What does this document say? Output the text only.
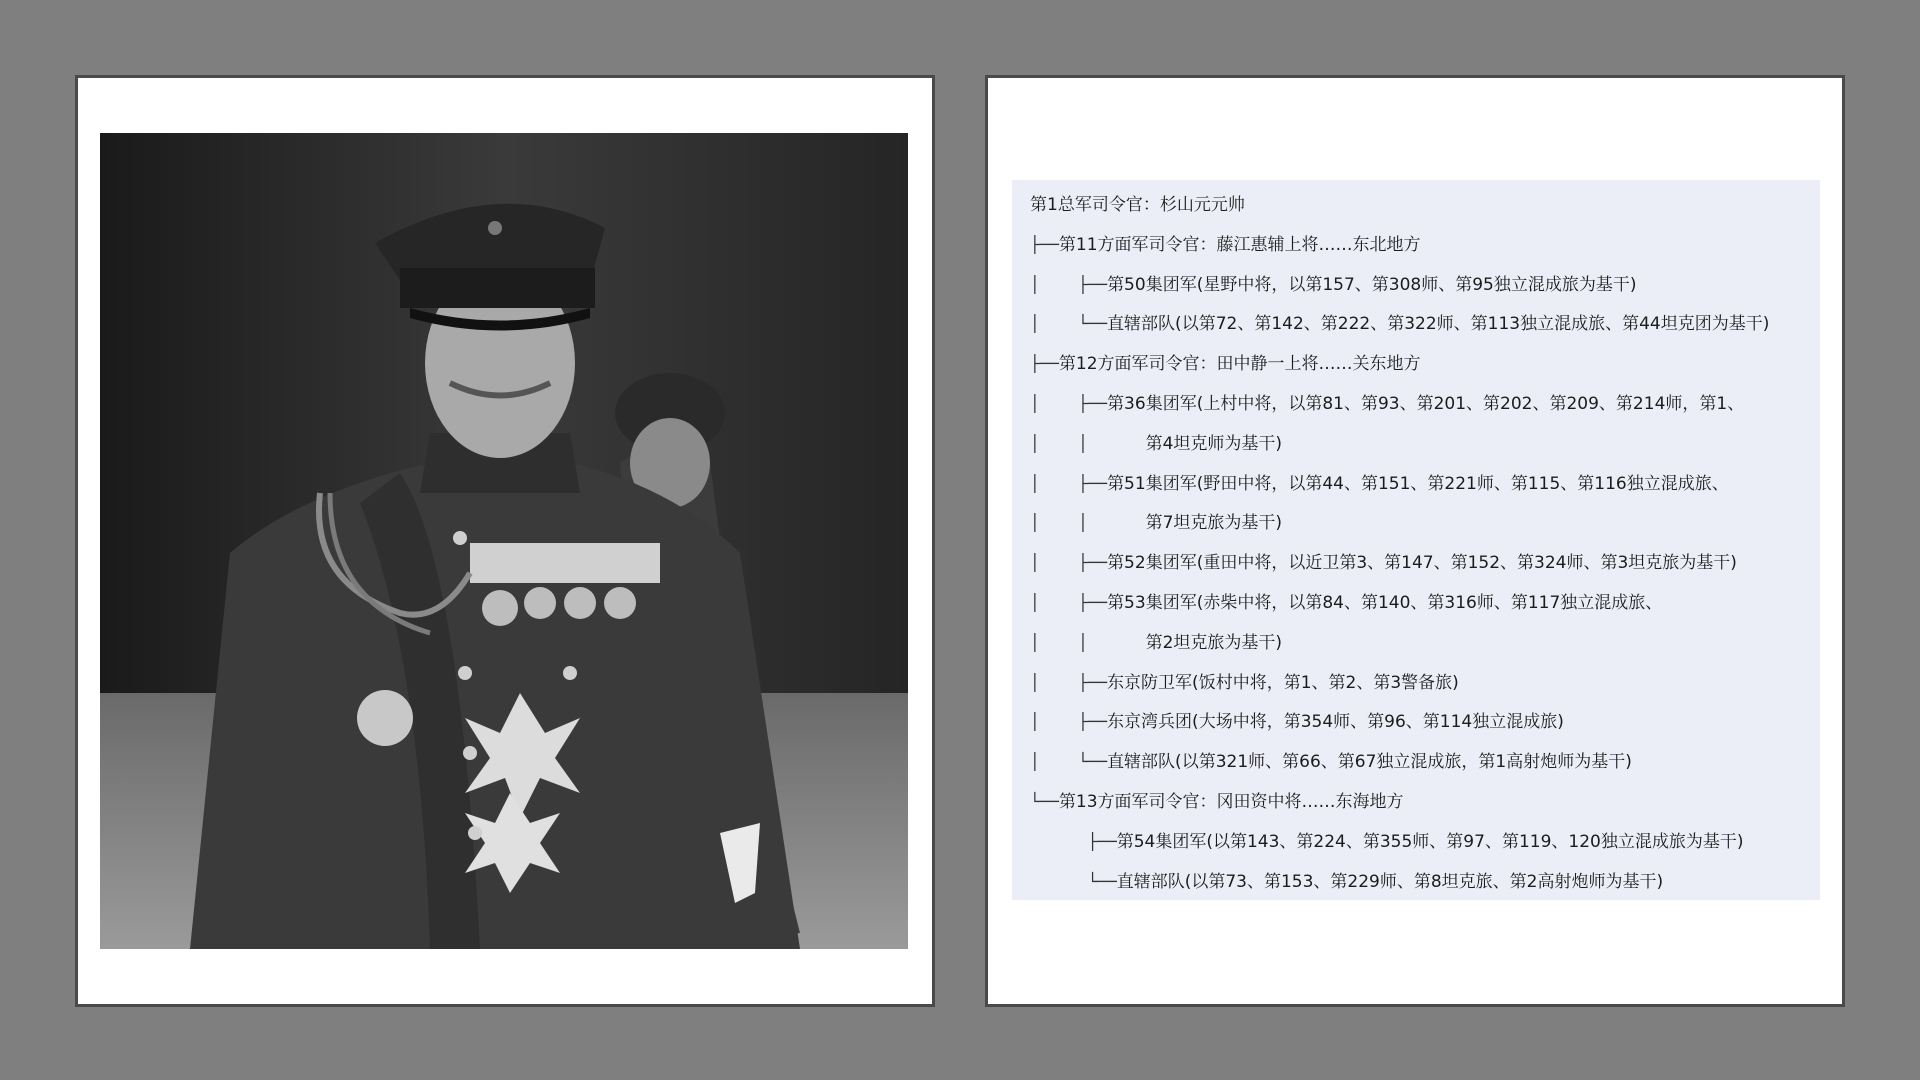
第1总军司令官：杉山元元帅
├──第11方面军司令官：藤江惠辅上将……东北地方
│    ├──第50集团军(星野中将，以第157、第308师、第95独立混成旅为基干)
│    └──直辖部队(以第72、第142、第222、第322师、第113独立混成旅、第44坦克团为基干)
├──第12方面军司令官：田中静一上将……关东地方
│    ├──第36集团军(上村中将，以第81、第93、第201、第202、第209、第214师，第1、
│    │      第4坦克师为基干)
│    ├──第51集团军(野田中将，以第44、第151、第221师、第115、第116独立混成旅、
│    │      第7坦克旅为基干)
│    ├──第52集团军(重田中将，以近卫第3、第147、第152、第324师、第3坦克旅为基干)
│    ├──第53集团军(赤柴中将，以第84、第140、第316师、第117独立混成旅、
│    │      第2坦克旅为基干)
│    ├──东京防卫军(饭村中将，第1、第2、第3警备旅)
│    ├──东京湾兵团(大场中将，第354师、第96、第114独立混成旅)
│    └──直辖部队(以第321师、第66、第67独立混成旅，第1高射炮师为基干)
└──第13方面军司令官：冈田资中将……东海地方
├──第54集团军(以第143、第224、第355师、第97、第119、120独立混成旅为基干)
└──直辖部队(以第73、第153、第229师、第8坦克旅、第2高射炮师为基干)
